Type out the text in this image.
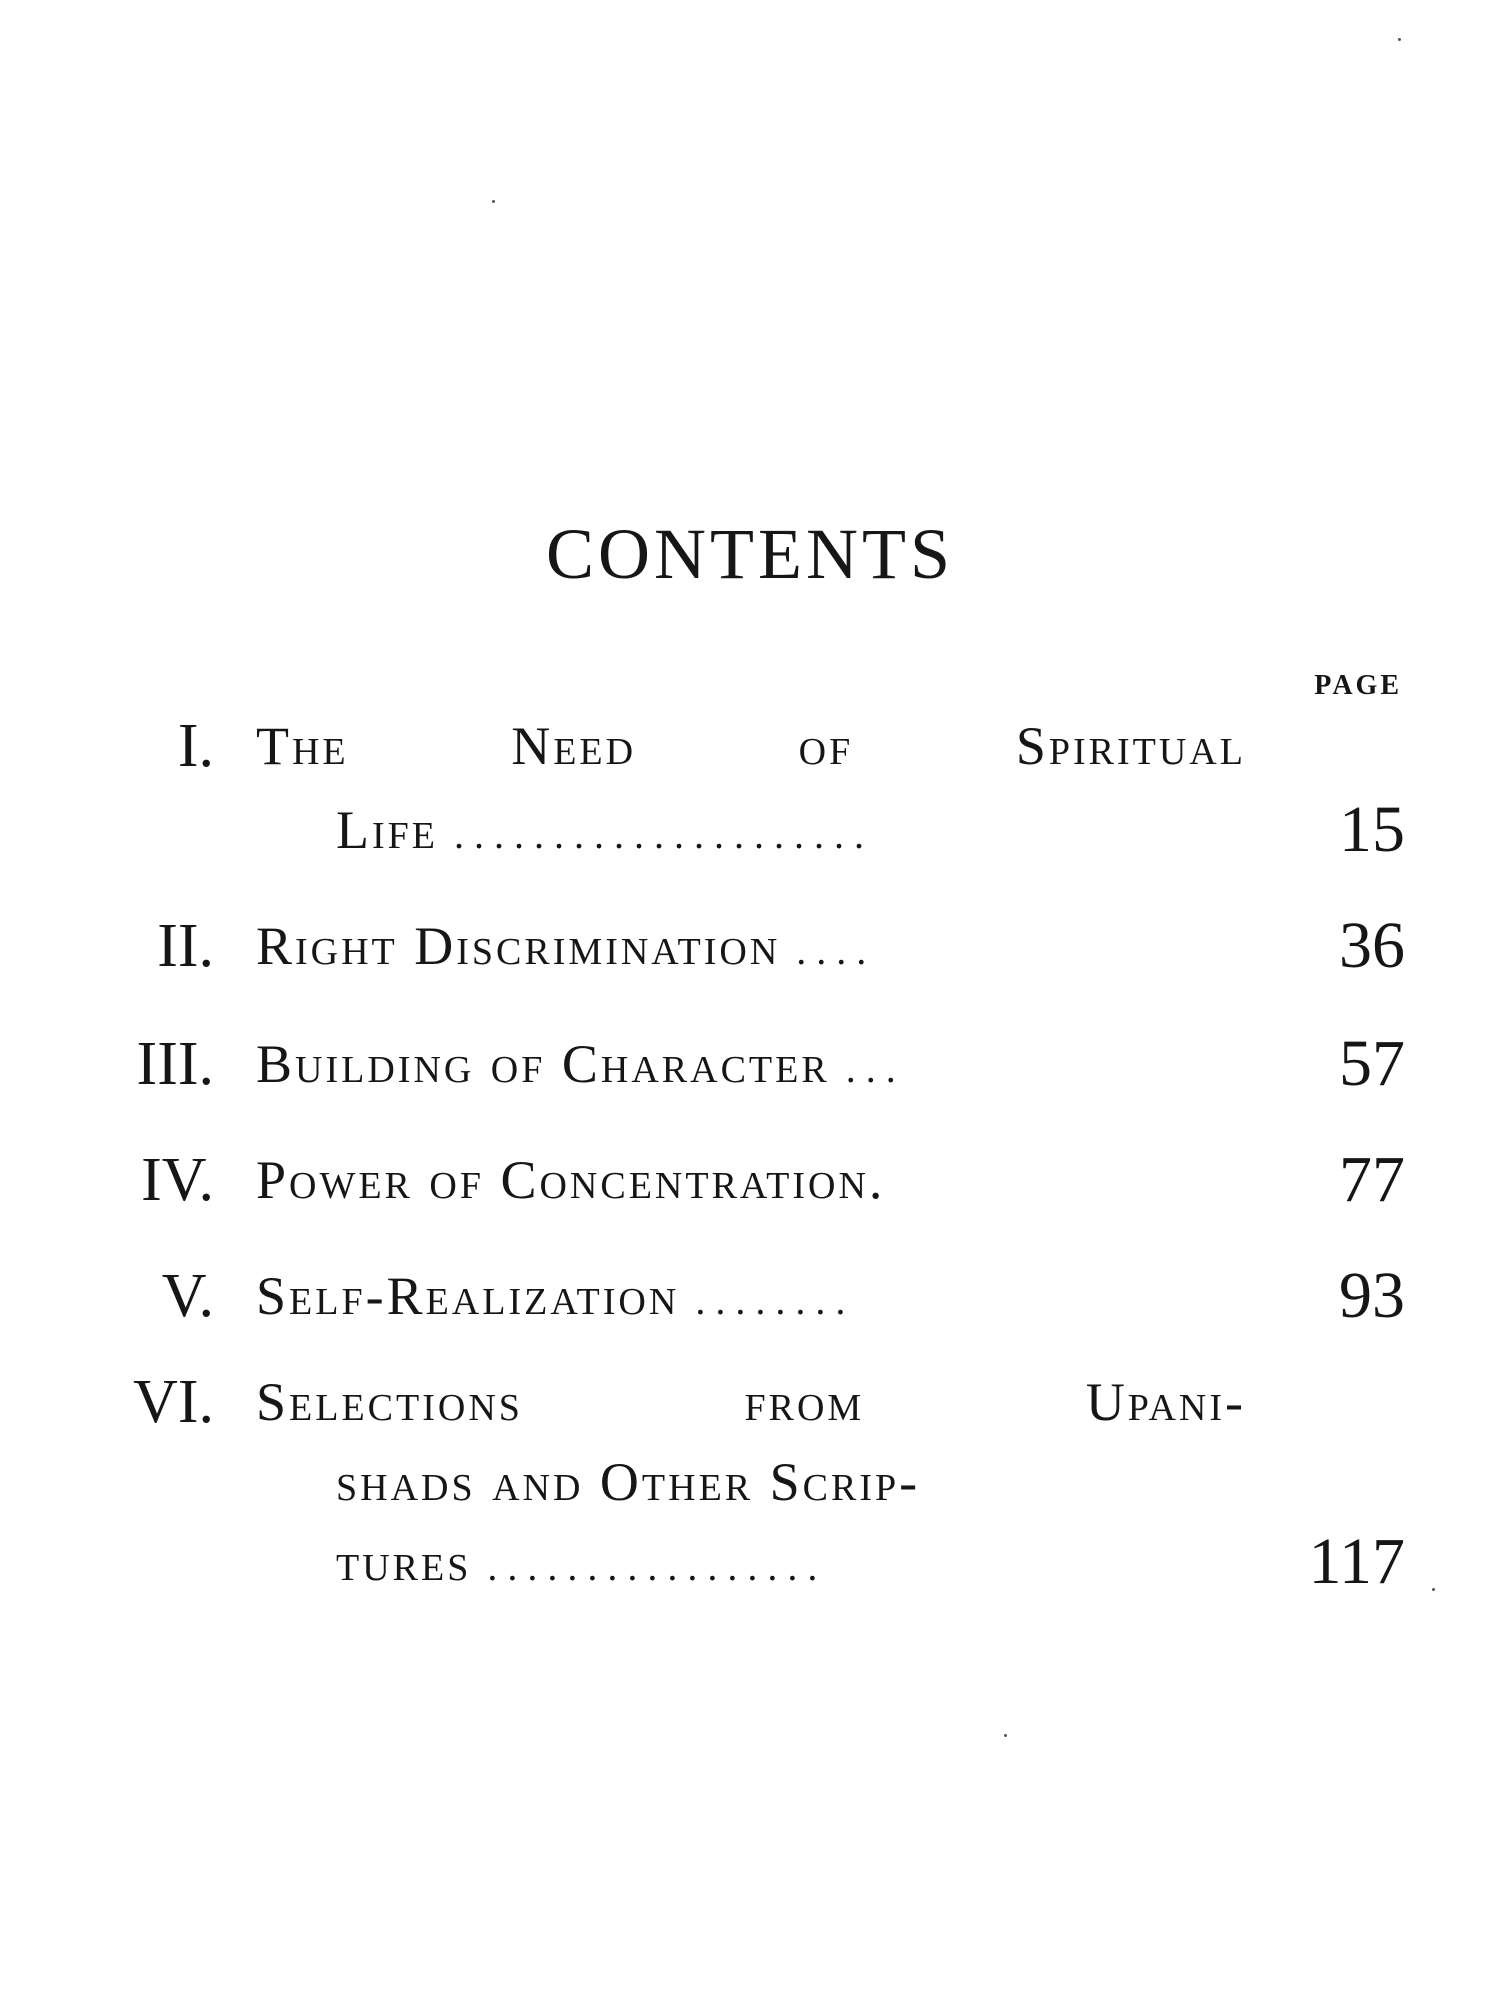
CONTENTS
PAGE
I. The	Need	of	Spiritual
Life .....................	15
II. Right Discrimination ....	36
III. Building of Character ...	57
IV. Power of Concentration.	77
V. Self-Realization ........	93
VI. Selections	from	Upani-
shads and Other Scrip-
tures .................	117
